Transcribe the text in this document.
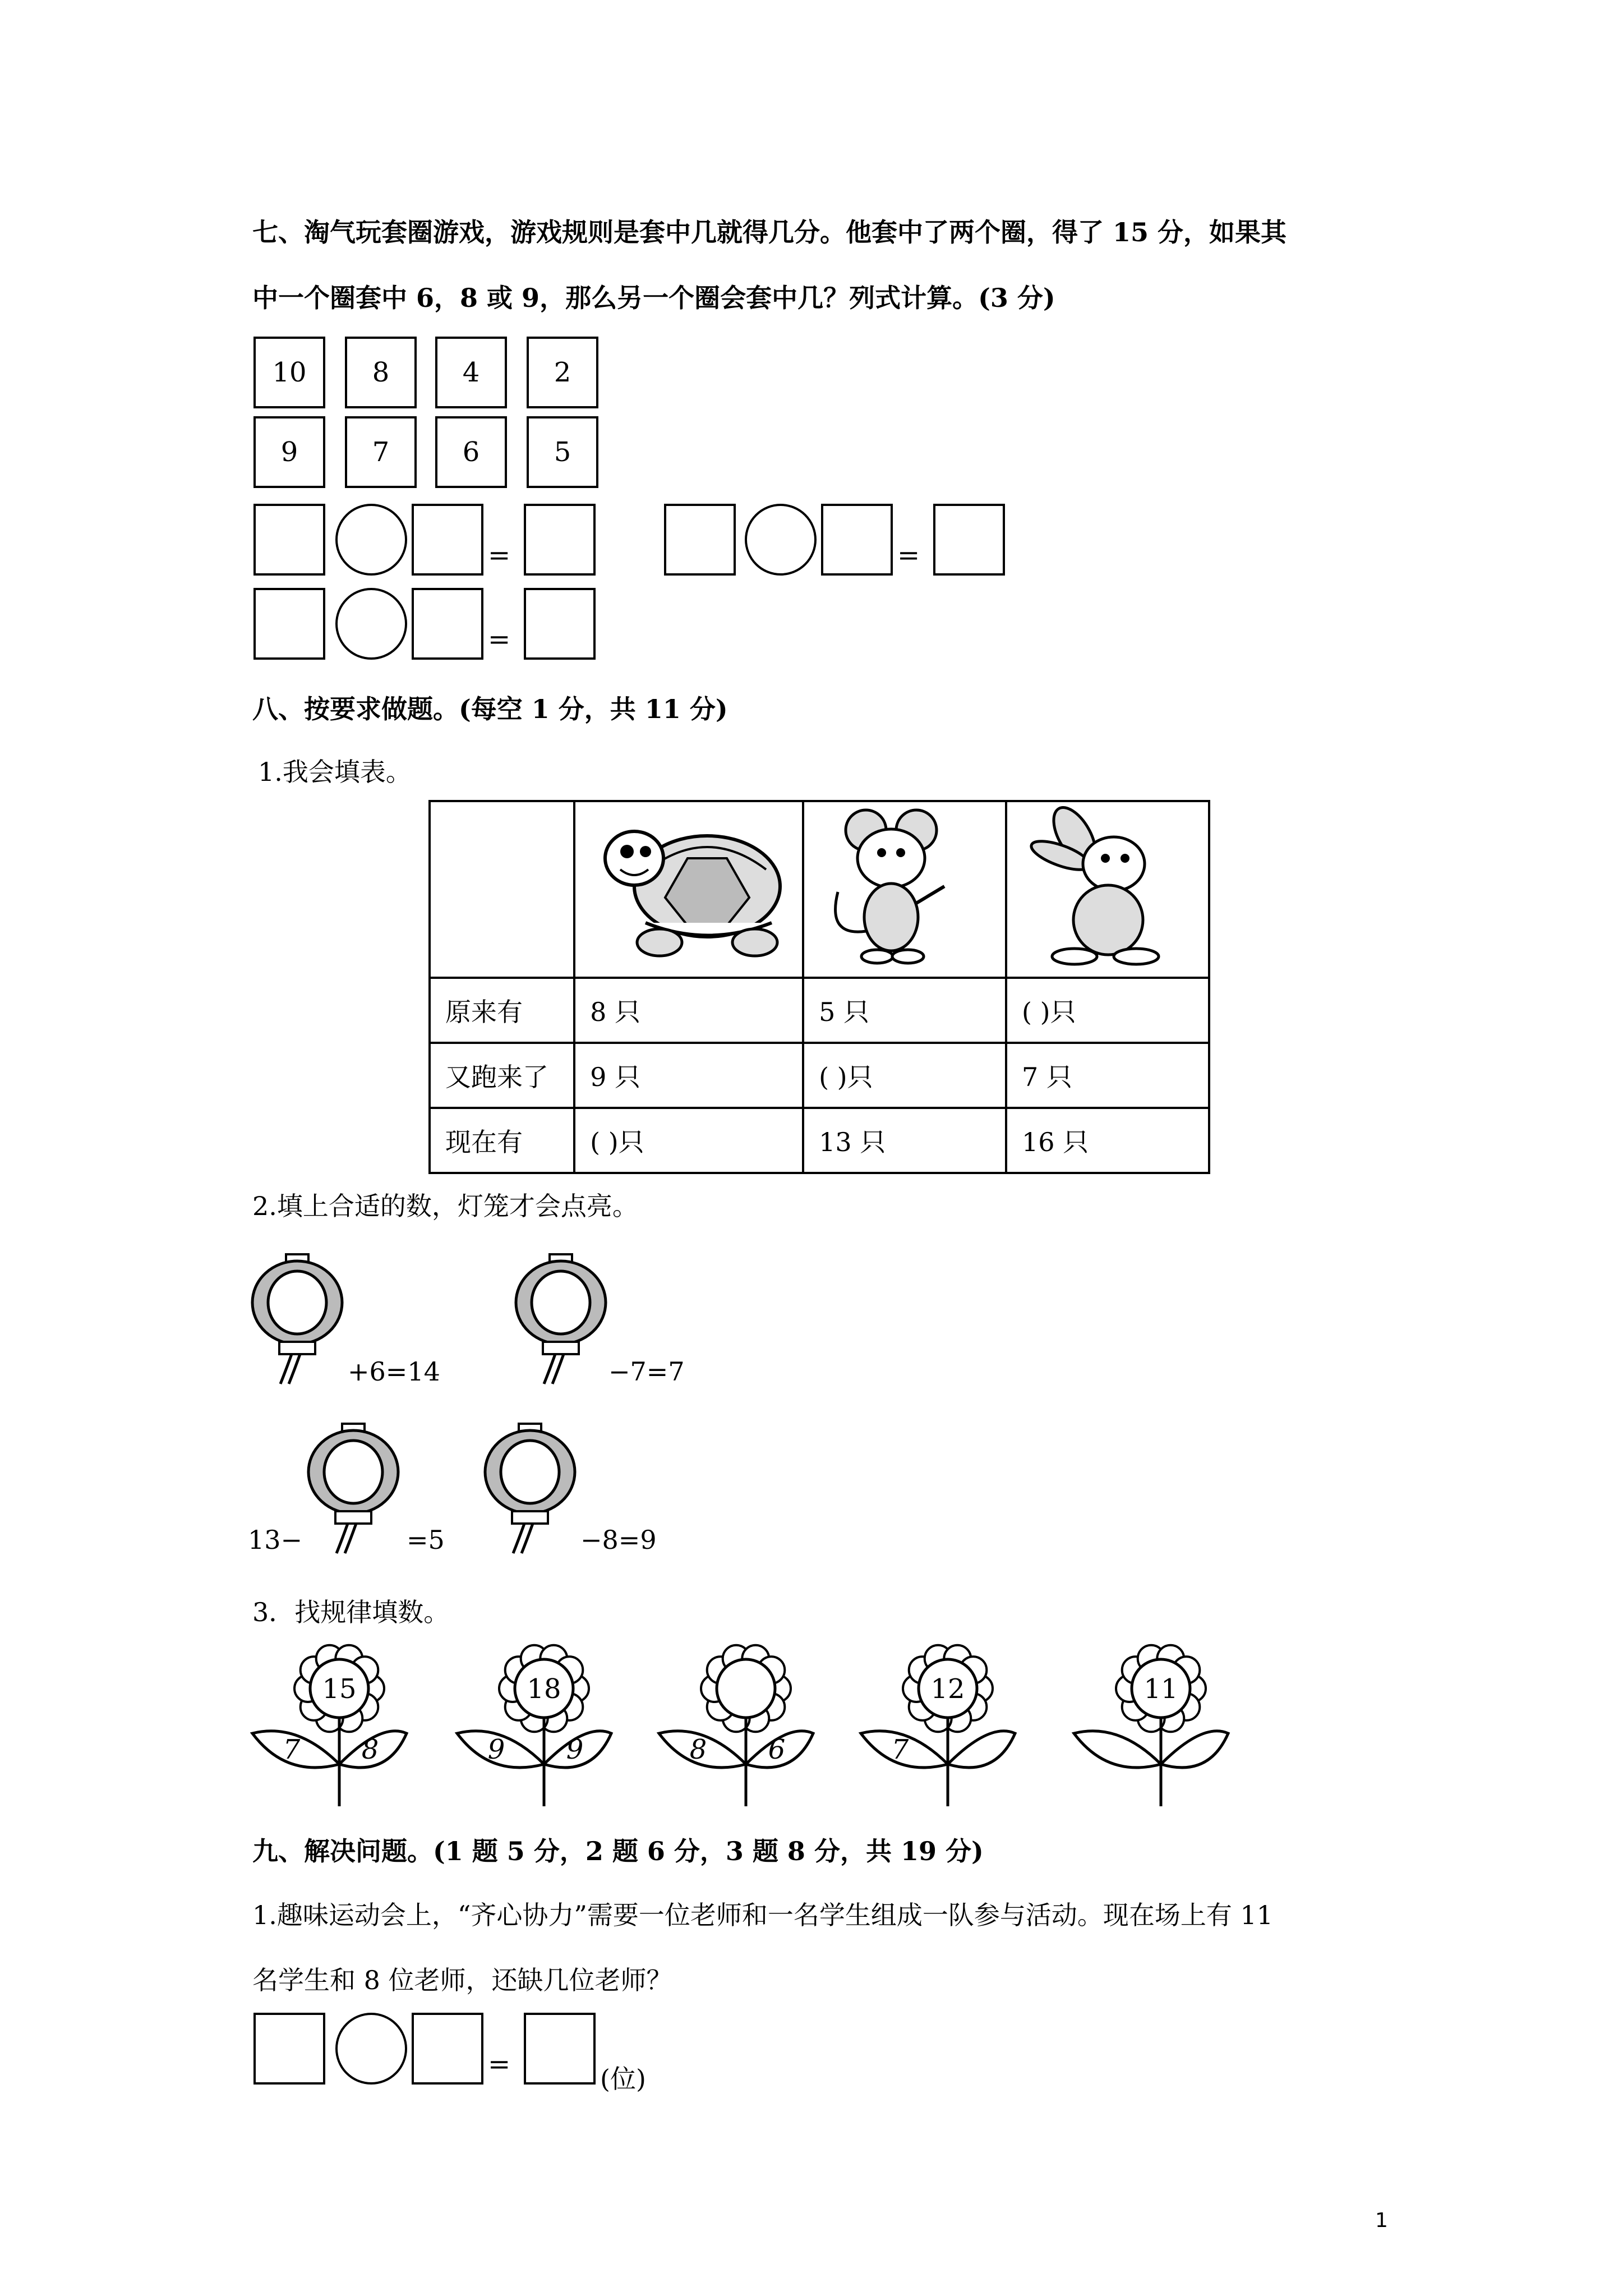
七、淘气玩套圈游戏，游戏规则是套中几就得几分。他套中了两个圈，得了 15 分，如果其
中一个圈套中 6，8 或 9，那么另一个圈会套中几？列式计算。(3 分)
10	8	4	2
9	7	6	5
=	=
=
八、按要求做题。(每空 1 分，共 11 分)
1.我会填表。

原来有	8 只	5 只	( )只
又跑来了	9 只	( )只	7 只
现在有	( )只	13 只	16 只
2.填上合适的数，灯笼才会点亮。
+6=14	−7=7
13−	=5	−8=9
3．找规律填数。
15
7 8
18
9 9	8 6
12
7
11
九、解决问题。(1 题 5 分，2 题 6 分，3 题 8 分，共 19 分)
1.趣味运动会上，“齐心协力”需要一位老师和一名学生组成一队参与活动。现在场上有 11
名学生和 8 位老师，还缺几位老师？
=	(位)
1
